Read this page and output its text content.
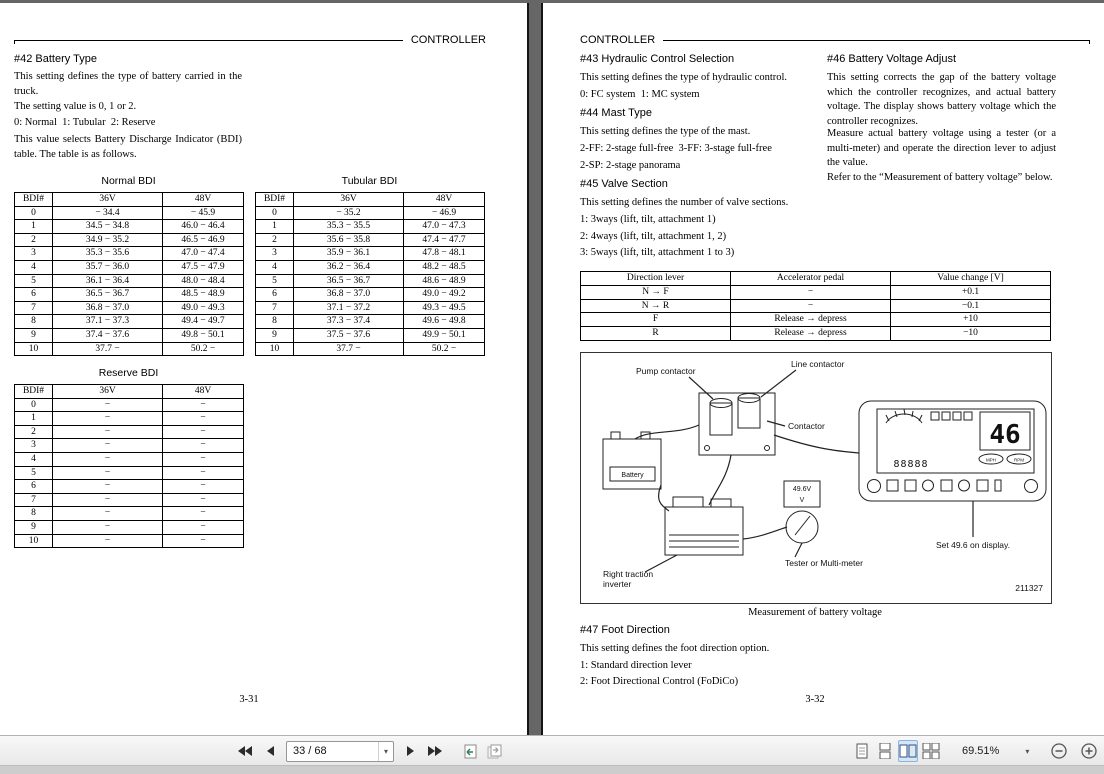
CONTROLLER
#42 Battery Type
This setting defines the type of battery carried in the truck.
The setting value is 0, 1 or 2.
0: Normal  1: Tubular  2: Reserve
This value selects Battery Discharge Indicator (BDI) table. The table is as follows.
Normal BDI	Tubular BDI
BDI#	36V	48V
0	− 34.4	− 45.9
1	34.5 − 34.8	46.0 − 46.4
2	34.9 − 35.2	46.5 − 46.9
3	35.3 − 35.6	47.0 − 47.4
4	35.7 − 36.0	47.5 − 47.9
5	36.1 − 36.4	48.0 − 48.4
6	36.5 − 36.7	48.5 − 48.9
7	36.8 − 37.0	49.0 − 49.3
8	37.1 − 37.3	49.4 − 49.7
9	37.4 − 37.6	49.8 − 50.1
10	37.7 −	50.2 −
BDI#	36V	48V
0	− 35.2	− 46.9
1	35.3 − 35.5	47.0 − 47.3
2	35.6 − 35.8	47.4 − 47.7
3	35.9 − 36.1	47.8 − 48.1
4	36.2 − 36.4	48.2 − 48.5
5	36.5 − 36.7	48.6 − 48.9
6	36.8 − 37.0	49.0 − 49.2
7	37.1 − 37.2	49.3 − 49.5
8	37.3 − 37.4	49.6 − 49.8
9	37.5 − 37.6	49.9 − 50.1
10	37.7 −	50.2 −
Reserve BDI
BDI#	36V	48V
0	−	−
1	−	−
2	−	−
3	−	−
4	−	−
5	−	−
6	−	−
7	−	−
8	−	−
9	−	−
10	−	−
3-31
CONTROLLER
#43 Hydraulic Control Selection
This setting defines the type of hydraulic control.
0: FC system  1: MC system
#44 Mast Type
This setting defines the type of the mast.
2-FF: 2-stage full-free  3-FF: 3-stage full-free
2-SP: 2-stage panorama
#45 Valve Section
This setting defines the number of valve sections.
1: 3ways (lift, tilt, attachment 1)
2: 4ways (lift, tilt, attachment 1, 2)
3: 5ways (lift, tilt, attachment 1 to 3)
#46 Battery Voltage Adjust
This setting corrects the gap of the battery voltage which the controller recognizes, and actual battery voltage. The display shows battery voltage which the controller recognizes.
Measure actual battery voltage using a tester (or a multi-meter) and operate the direction lever to adjust the value.
Refer to the “Measurement of battery voltage” below.
Direction lever	Accelerator pedal	Value change [V]
N → F	−	+0.1
N → R	−	−0.1
F	Release → depress	+10
R	Release → depress	−10
Battery
49.6V
V
46
MPH	RPM
88888
Pump contactor
Line contactor
Contactor
Right traction
inverter
Tester or Multi-meter
Set 49.6 on display.
211327
Measurement of battery voltage
#47 Foot Direction
This setting defines the foot direction option.
1: Standard direction lever
2: Foot Directional Control (FoDiCo)
3-32
33 / 68	▾	69.51%	▾
